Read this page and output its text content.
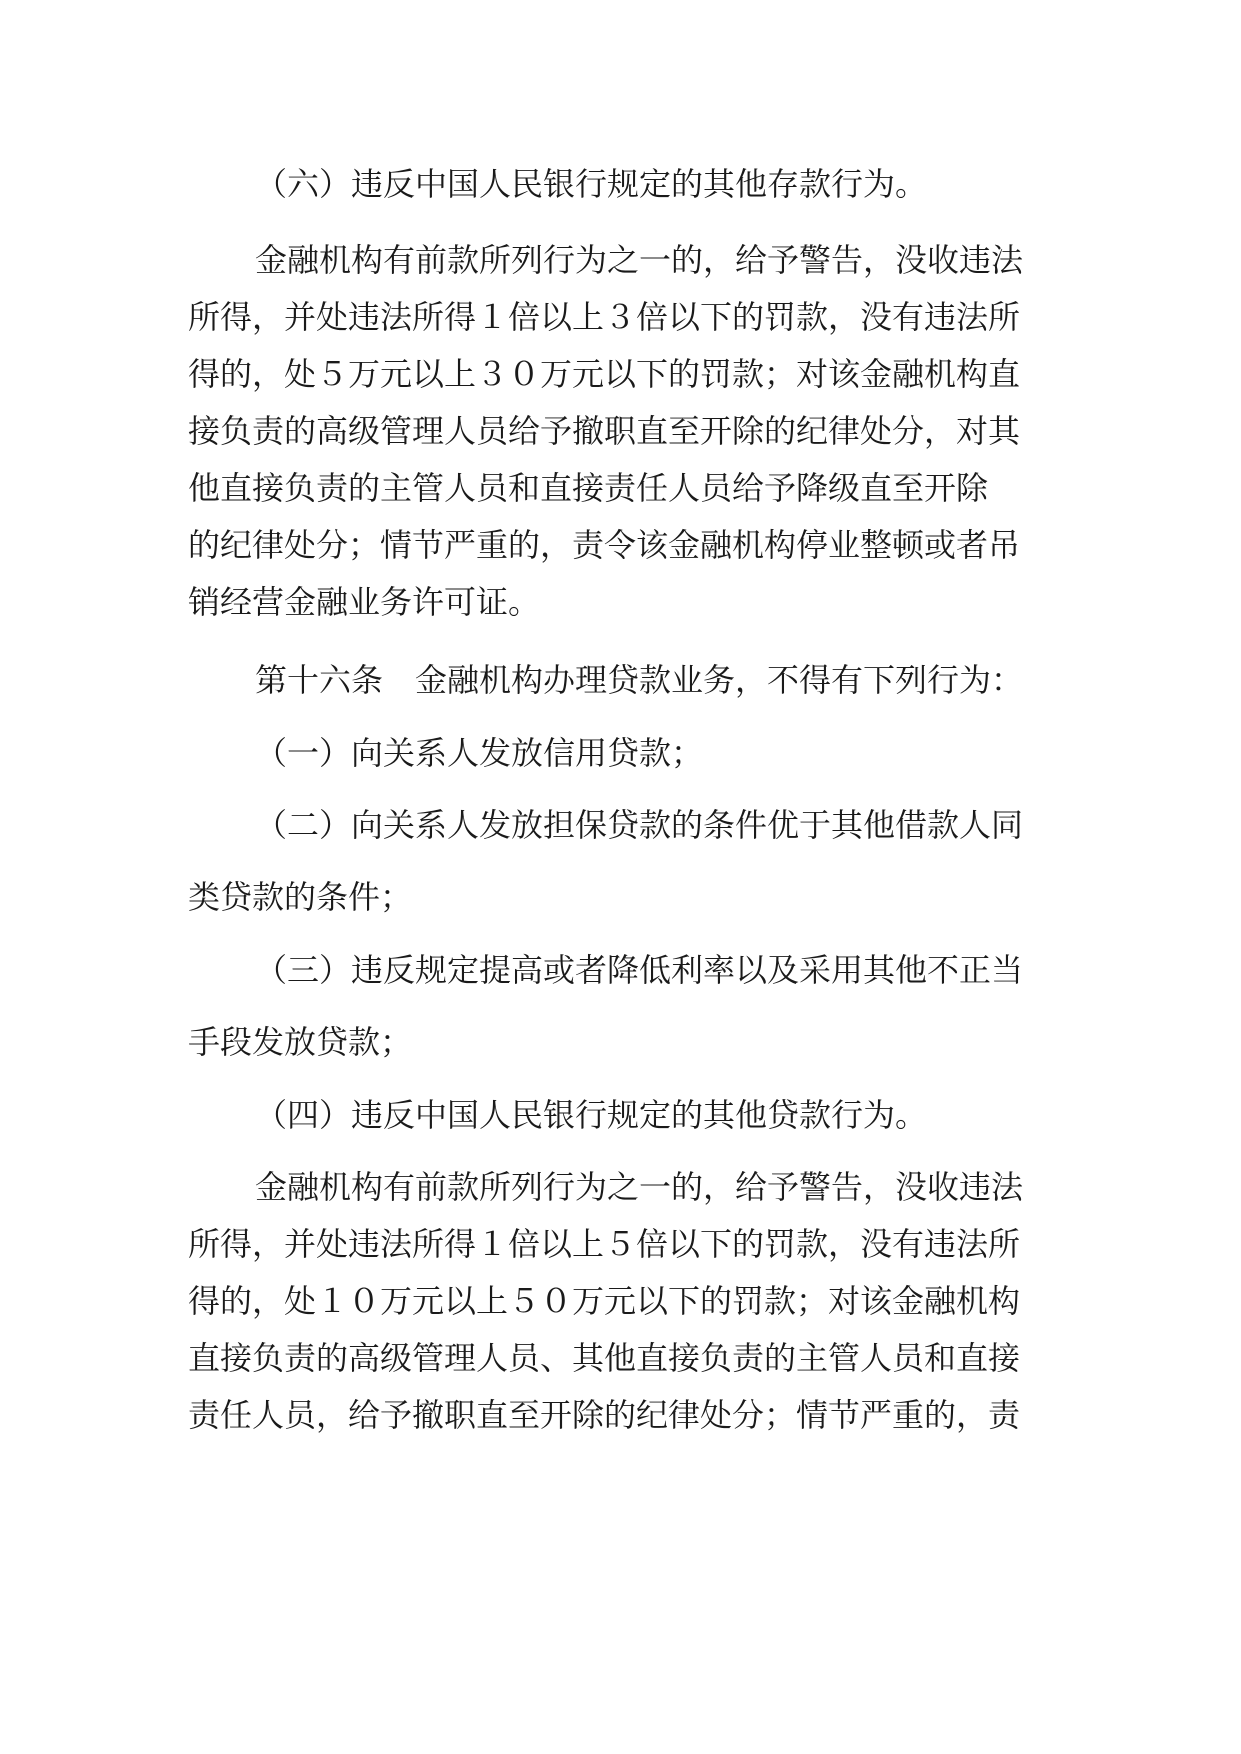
（六）违反中国人民银行规定的其他存款行为。
金融机构有前款所列行为之一的，给予警告，没收违法
所得，并处违法所得１倍以上３倍以下的罚款，没有违法所
得的，处５万元以上３０万元以下的罚款；对该金融机构直
接负责的高级管理人员给予撤职直至开除的纪律处分，对其
他直接负责的主管人员和直接责任人员给予降级直至开除
的纪律处分；情节严重的，责令该金融机构停业整顿或者吊
销经营金融业务许可证。
第十六条　金融机构办理贷款业务，不得有下列行为：
（一）向关系人发放信用贷款；
（二）向关系人发放担保贷款的条件优于其他借款人同
类贷款的条件；
（三）违反规定提高或者降低利率以及采用其他不正当
手段发放贷款；
（四）违反中国人民银行规定的其他贷款行为。
金融机构有前款所列行为之一的，给予警告，没收违法
所得，并处违法所得１倍以上５倍以下的罚款，没有违法所
得的，处１０万元以上５０万元以下的罚款；对该金融机构
直接负责的高级管理人员、其他直接负责的主管人员和直接
责任人员，给予撤职直至开除的纪律处分；情节严重的，责
